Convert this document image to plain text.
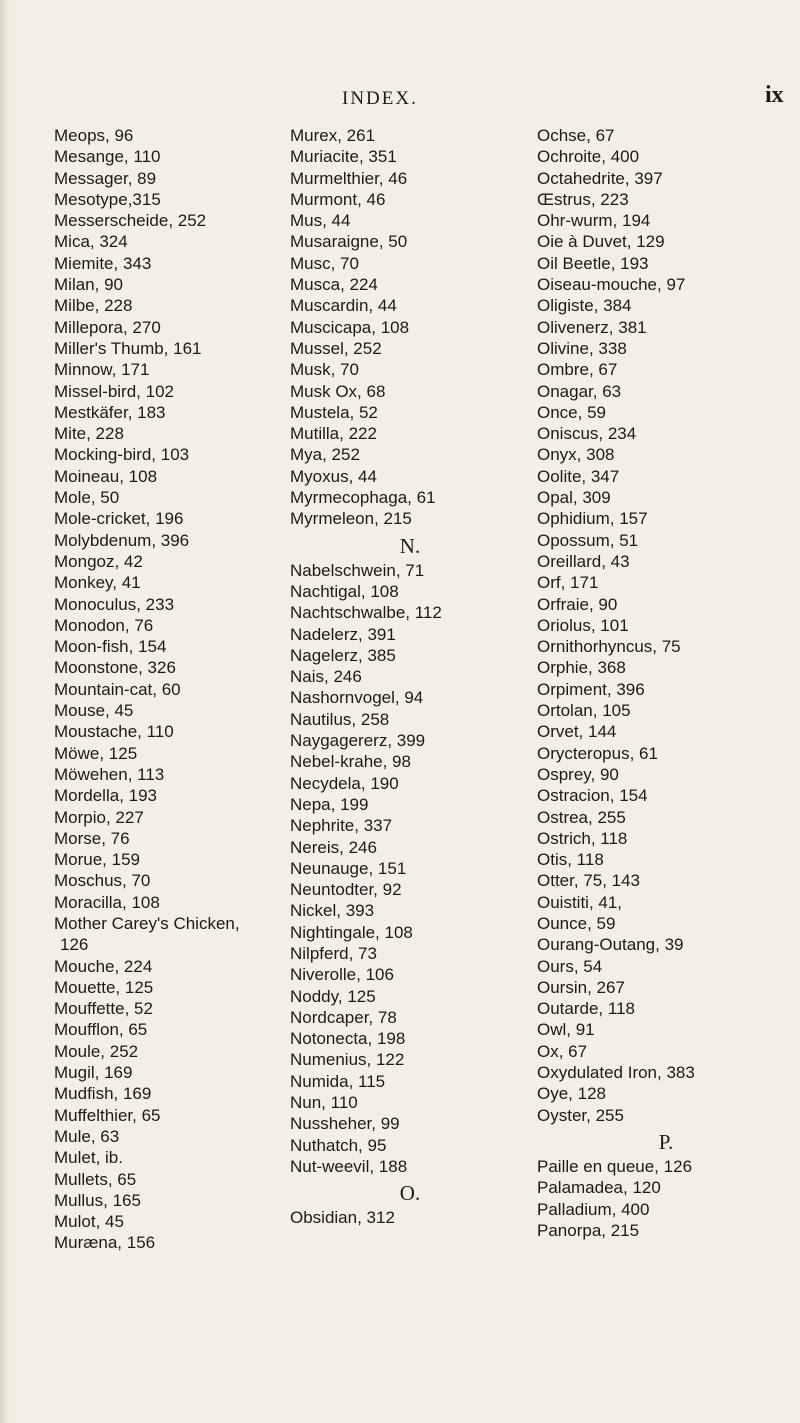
INDEX.	ix
Meops, 96
Mesange, 110
Messager, 89
Mesotype,315
Messerscheide, 252
Mica, 324
Miemite, 343
Milan, 90
Milbe, 228
Millepora, 270
Miller's Thumb, 161
Minnow, 171
Missel-bird, 102
Mestkäfer, 183
Mite, 228
Mocking-bird, 103
Moineau, 108
Mole, 50
Mole-cricket, 196
Molybdenum, 396
Mongoz, 42
Monkey, 41
Monoculus, 233
Monodon, 76
Moon-fish, 154
Moonstone, 326
Mountain-cat, 60
Mouse, 45
Moustache, 110
Möwe, 125
Möwehen, 113
Mordella, 193
Morpio, 227
Morse, 76
Morue, 159
Moschus, 70
Moracilla, 108
Mother Carey's Chicken,
126
Mouche, 224
Mouette, 125
Mouffette, 52
Moufflon, 65
Moule, 252
Mugil, 169
Mudfish, 169
Muffelthier, 65
Mule, 63
Mulet, ib.
Mullets, 65
Mullus, 165
Mulot, 45
Muræna, 156
Murex, 261
Muriacite, 351
Murmelthier, 46
Murmont, 46
Mus, 44
Musaraigne, 50
Musc, 70
Musca, 224
Muscardin, 44
Muscicapa, 108
Mussel, 252
Musk, 70
Musk Ox, 68
Mustela, 52
Mutilla, 222
Mya, 252
Myoxus, 44
Myrmecophaga, 61
Myrmeleon, 215
N.
Nabelschwein, 71
Nachtigal, 108
Nachtschwalbe, 112
Nadelerz, 391
Nagelerz, 385
Nais, 246
Nashornvogel, 94
Nautilus, 258
Naygagererz, 399
Nebel-krahe, 98
Necydela, 190
Nepa, 199
Nephrite, 337
Nereis, 246
Neunauge, 151
Neuntodter, 92
Nickel, 393
Nightingale, 108
Nilpferd, 73
Niverolle, 106
Noddy, 125
Nordcaper, 78
Notonecta, 198
Numenius, 122
Numida, 115
Nun, 110
Nussheher, 99
Nuthatch, 95
Nut-weevil, 188
O.
Obsidian, 312
Ochse, 67
Ochroite, 400
Octahedrite, 397
Œstrus, 223
Ohr-wurm, 194
Oie à Duvet, 129
Oil Beetle, 193
Oiseau-mouche, 97
Oligiste, 384
Olivenerz, 381
Olivine, 338
Ombre, 67
Onagar, 63
Once, 59
Oniscus, 234
Onyx, 308
Oolite, 347
Opal, 309
Ophidium, 157
Opossum, 51
Oreillard, 43
Orf, 171
Orfraie, 90
Oriolus, 101
Ornithorhyncus, 75
Orphie, 368
Orpiment, 396
Ortolan, 105
Orvet, 144
Orycteropus, 61
Osprey, 90
Ostracion, 154
Ostrea, 255
Ostrich, 118
Otis, 118
Otter, 75, 143
Ouistiti, 41,
Ounce, 59
Ourang-Outang, 39
Ours, 54
Oursin, 267
Outarde, 118
Owl, 91
Ox, 67
Oxydulated Iron, 383
Oye, 128
Oyster, 255
P.
Paille en queue, 126
Palamadea, 120
Palladium, 400
Panorpa, 215
